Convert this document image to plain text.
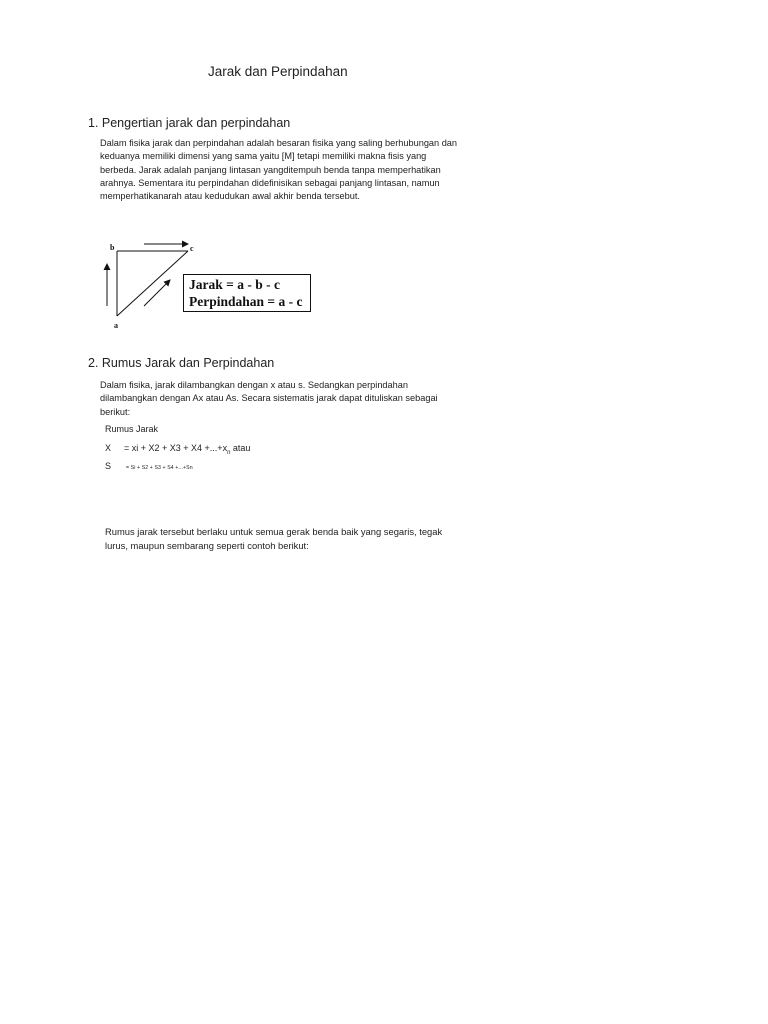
Jarak dan Perpindahan
1. Pengertian jarak dan perpindahan
Dalam fisika jarak dan perpindahan adalah besaran fisika yang saling berhubungan dan
keduanya memiliki dimensi yang sama yaitu [M] tetapi memiliki makna fisis yang
berbeda. Jarak adalah panjang lintasan yangditempuh benda tanpa memperhatikan
arahnya. Sementara itu perpindahan didefinisikan sebagai panjang lintasan, namun
memperhatikanarah atau kedudukan awal akhir benda tersebut.
b	c
a
Jarak = a - b - c
Perpindahan = a - c
2. Rumus Jarak dan Perpindahan
Dalam fisika, jarak dilambangkan dengan x atau s. Sedangkan perpindahan
dilambangkan dengan Ax atau As. Secara sistematis jarak dapat dituliskan sebagai
berikut:
Rumus Jarak
X = xi + $X2 + X3 + X4 +...+x_n$ atau
S	= Si + S2 + S3 + S4 +...+Sn
Rumus jarak tersebut berlaku untuk semua gerak benda baik yang segaris, tegak
lurus, maupun sembarang seperti contoh berikut:
